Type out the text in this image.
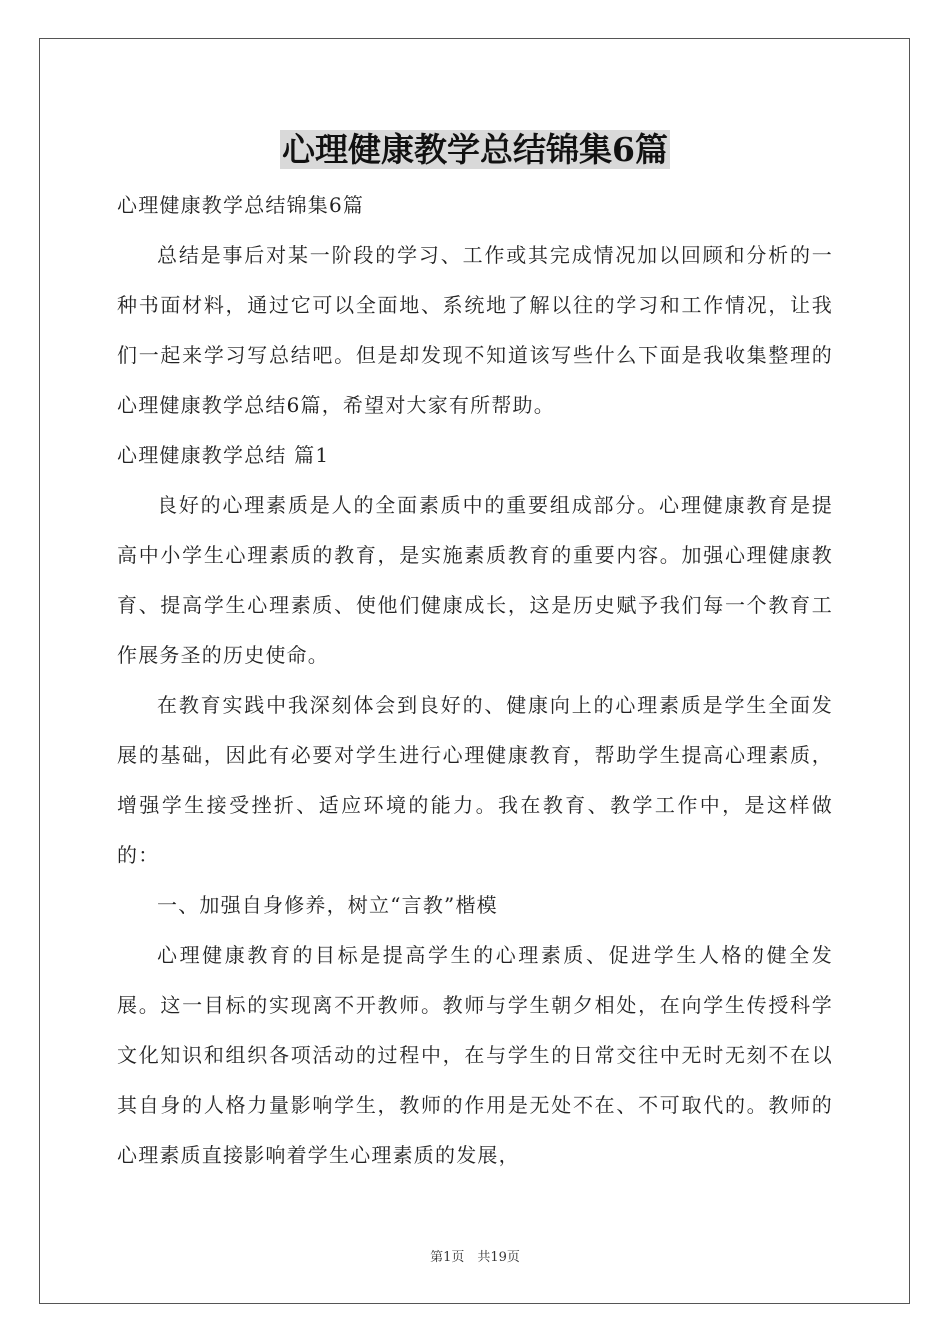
心理健康教学总结锦集6篇

心理健康教学总结锦集6篇

总结是事后对某一阶段的学习、工作或其完成情况加以回顾和分析的一种书面材料，通过它可以全面地、系统地了解以往的学习和工作情况，让我们一起来学习写总结吧。但是却发现不知道该写些什么下面是我收集整理的心理健康教学总结6篇，希望对大家有所帮助。

心理健康教学总结 篇1

良好的心理素质是人的全面素质中的重要组成部分。心理健康教育是提高中小学生心理素质的教育，是实施素质教育的重要内容。加强心理健康教育、提高学生心理素质、使他们健康成长，这是历史赋予我们每一个教育工作展务圣的历史使命。

在教育实践中我深刻体会到良好的、健康向上的心理素质是学生全面发展的基础，因此有必要对学生进行心理健康教育，帮助学生提高心理素质，增强学生接受挫折、适应环境的能力。我在教育、教学工作中，是这样做的：

一、加强自身修养，树立“言教”楷模

心理健康教育的目标是提高学生的心理素质、促进学生人格的健全发展。这一目标的实现离不开教师。教师与学生朝夕相处，在向学生传授科学文化知识和组织各项活动的过程中，在与学生的日常交往中无时无刻不在以其自身的人格力量影响学生，教师的作用是无处不在、不可取代的。教师的心理素质直接影响着学生心理素质的发展，

第1页　共19页
